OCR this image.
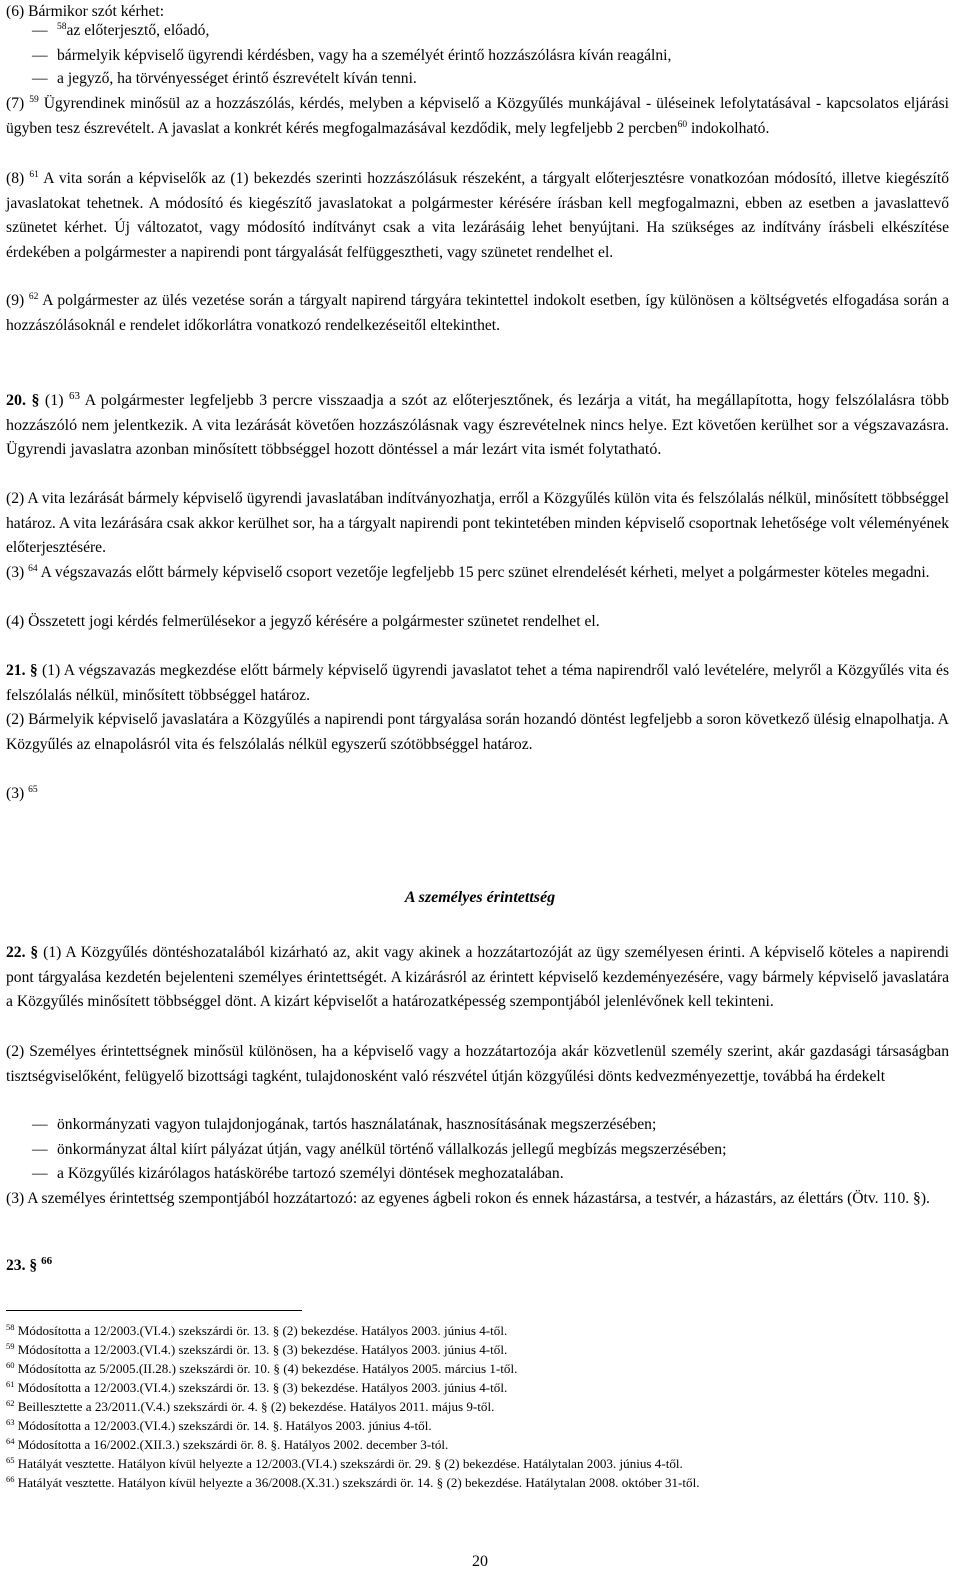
(6) Bármikor szót kérhet:

— $^{58}$az előterjesztő, előadó,

— bármelyik képviselő ügyrendi kérdésben, vagy ha a személyét érintő hozzászólásra kíván reagálni,

— a jegyző, ha törvényességet érintő észrevételt kíván tenni.

(7) $^{59}$ Ügyrendinek minősül az a hozzászólás, kérdés, melyben a képviselő a Közgyűlés munkájával - üléseinek lefolytatásával - kapcsolatos eljárási ügyben tesz észrevételt. A javaslat a konkrét kérés megfogalmazásával kezdődik, mely legfeljebb 2 percben$^{60}$ indokolható.

(8) $^{61}$ A vita során a képviselők az (1) bekezdés szerinti hozzászólásuk részeként, a tárgyalt előterjesztésre vonatkozóan módosító, illetve kiegészítő javaslatokat tehetnek. A módosító és kiegészítő javaslatokat a polgármester kérésére írásban kell megfogalmazni, ebben az esetben a javaslattevő szünetet kérhet. Új változatot, vagy módosító indítványt csak a vita lezárásáig lehet benyújtani. Ha szükséges az indítvány írásbeli elkészítése érdekében a polgármester a napirendi pont tárgyalását felfüggesztheti, vagy szünetet rendelhet el.

(9) $^{62}$ A polgármester az ülés vezetése során a tárgyalt napirend tárgyára tekintettel indokolt esetben, így különösen a költségvetés elfogadása során a hozzászólásoknál e rendelet időkorlátra vonatkozó rendelkezéseitől eltekinthet.

20. § (1) $^{63}$ A polgármester legfeljebb 3 percre visszaadja a szót az előterjesztőnek, és lezárja a vitát, ha megállapította, hogy felszólalásra több hozzászóló nem jelentkezik. A vita lezárását követően hozzászólásnak vagy észrevételnek nincs helye. Ezt követően kerülhet sor a végszavazásra. Ügyrendi javaslatra azonban minősített többséggel hozott döntéssel a már lezárt vita ismét folytatható.

(2) A vita lezárását bármely képviselő ügyrendi javaslatában indítványozhatja, erről a Közgyűlés külön vita és felszólalás nélkül, minősített többséggel határoz. A vita lezárására csak akkor kerülhet sor, ha a tárgyalt napirendi pont tekintetében minden képviselő csoportnak lehetősége volt véleményének előterjesztésére.

(3) $^{64}$ A végszavazás előtt bármely képviselő csoport vezetője legfeljebb 15 perc szünet elrendelését kérheti, melyet a polgármester köteles megadni.

(4) Összetett jogi kérdés felmerülésekor a jegyző kérésére a polgármester szünetet rendelhet el.

21. § (1) A végszavazás megkezdése előtt bármely képviselő ügyrendi javaslatot tehet a téma napirendről való levételére, melyről a Közgyűlés vita és felszólalás nélkül, minősített többséggel határoz.

(2) Bármelyik képviselő javaslatára a Közgyűlés a napirendi pont tárgyalása során hozandó döntést legfeljebb a soron következő ülésig elnapolhatja. A Közgyűlés az elnapolásról vita és felszólalás nélkül egyszerű szótöbbséggel határoz.

(3) $^{65}$

A személyes érintettség

22. § (1) A Közgyűlés döntéshozatalából kizárható az, akit vagy akinek a hozzátartozóját az ügy személyesen érinti. A képviselő köteles a napirendi pont tárgyalása kezdetén bejelenteni személyes érintettségét. A kizárásról az érintett képviselő kezdeményezésére, vagy bármely képviselő javaslatára a Közgyűlés minősített többséggel dönt. A kizárt képviselőt a határozatképesség szempontjából jelenlévőnek kell tekinteni.

(2) Személyes érintettségnek minősül különösen, ha a képviselő vagy a hozzátartozója akár közvetlenül személy szerint, akár gazdasági társaságban tisztségviselőként, felügyelő bizottsági tagként, tulajdonosként való részvétel útján közgyűlési dönts kedvezményezettje, továbbá ha érdekelt

— önkormányzati vagyon tulajdonjogának, tartós használatának, hasznosításának megszerzésében;

— önkormányzat által kiírt pályázat útján, vagy anélkül történő vállalkozás jellegű megbízás megszerzésében;

— a Közgyűlés kizárólagos hatáskörébe tartozó személyi döntések meghozatalában.

(3) A személyes érintettség szempontjából hozzátartozó: az egyenes ágbeli rokon és ennek házastársa, a testvér, a házastárs, az élettárs (Ötv. 110. §).

23. § $^{66}$

$^{58}$ Módosította a 12/2003.(VI.4.) szekszárdi ör. 13. § (2) bekezdése. Hatályos 2003. június 4-től.

$^{59}$ Módosította a 12/2003.(VI.4.) szekszárdi ör. 13. § (3) bekezdése. Hatályos 2003. június 4-től.

$^{60}$ Módosította az 5/2005.(II.28.) szekszárdi ör. 10. § (4) bekezdése. Hatályos 2005. március 1-től.

$^{61}$ Módosította a 12/2003.(VI.4.) szekszárdi ör. 13. § (3) bekezdése. Hatályos 2003. június 4-től.

$^{62}$ Beillesztette a 23/2011.(V.4.) szekszárdi ör. 4. § (2) bekezdése. Hatályos 2011. május 9-től.

$^{63}$ Módosította a 12/2003.(VI.4.) szekszárdi ör. 14. §. Hatályos 2003. június 4-től.

$^{64}$ Módosította a 16/2002.(XII.3.) szekszárdi ör. 8. §. Hatályos 2002. december 3-tól.

$^{65}$ Hatályát vesztette. Hatályon kívül helyezte a 12/2003.(VI.4.) szekszárdi ör. 29. § (2) bekezdése. Hatálytalan 2003. június 4-től.

$^{66}$ Hatályát vesztette. Hatályon kívül helyezte a 36/2008.(X.31.) szekszárdi ör. 14. § (2) bekezdése. Hatálytalan 2008. október 31-től.

20
